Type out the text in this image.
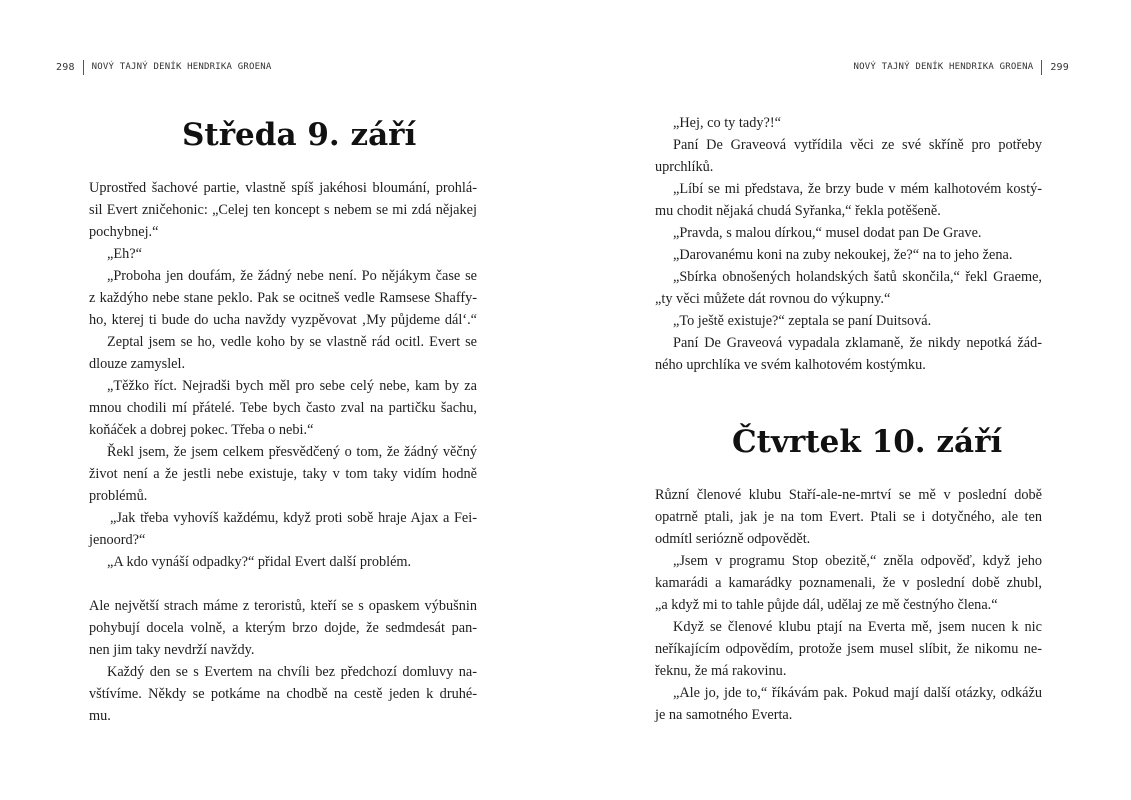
298 NOVÝ TAJNÝ DENÍK HENDRIKA GROENA
Středa 9. září

Uprostřed šachové partie, vlastně spíš jakéhosi bloumání, prohlá-

sil Evert zničehonic: „Celej ten koncept s nebem se mi zdá nějakej

pochybnej.“

„Eh?“

„Proboha jen doufám, že žádný nebe není. Po nějákym čase se

z každýho nebe stane peklo. Pak se ocitneš vedle Ramsese Shaffy-

ho, kterej ti bude do ucha navždy vyzpěvovat ‚My půjdeme dál‘.“

Zeptal jsem se ho, vedle koho by se vlastně rád ocitl. Evert se

dlouze zamyslel.

„Těžko říct. Nejradši bych měl pro sebe celý nebe, kam by za

mnou chodili mí přátelé. Tebe bych často zval na partičku šachu,

koňáček a dobrej pokec. Třeba o nebi.“

Řekl jsem, že jsem celkem přesvědčený o tom, že žádný věčný

život není a že jestli nebe existuje, taky v tom taky vidím hodně

problémů.

„Jak třeba vyhovíš každému, když proti sobě hraje Ajax a Fei-

jenoord?“

„A kdo vynáší odpadky?“ přidal Evert další problém.

Ale největší strach máme z teroristů, kteří se s opaskem výbušnin

pohybují docela volně, a kterým brzo dojde, že sedmdesát pan-

nen jim taky nevdrží navždy.

Každý den se s Evertem na chvíli bez předchozí domluvy na-

vštívíme. Někdy se potkáme na chodbě na cestě jeden k druhé-

mu.

NOVÝ TAJNÝ DENÍK HENDRIKA GROENA 299

„Hej, co ty tady?!“

Paní De Graveová vytřídila věci ze své skříně pro potřeby

uprchlíků.

„Líbí se mi představa, že brzy bude v mém kalhotovém kostý-

mu chodit nějaká chudá Syřanka,“ řekla potěšeně.

„Pravda, s malou dírkou,“ musel dodat pan De Grave.

„Darovanému koni na zuby nekoukej, že?“ na to jeho žena.

„Sbírka obnošených holandských šatů skončila,“ řekl Graeme,

„ty věci můžete dát rovnou do výkupny.“

„To ještě existuje?“ zeptala se paní Duitsová.

Paní De Graveová vypadala zklamaně, že nikdy nepotká žád-

ného uprchlíka ve svém kalhotovém kostýmku.

Čtvrtek 10. září

Různí členové klubu Staří-ale-ne-mrtví se mě v poslední době

opatrně ptali, jak je na tom Evert. Ptali se i dotyčného, ale ten

odmítl seriózně odpovědět.

„Jsem v programu Stop obezitě,“ zněla odpověď, když jeho

kamarádi a kamarádky poznamenali, že v poslední době zhubl,

„a když mi to tahle půjde dál, udělaj ze mě čestnýho člena.“

Když se členové klubu ptají na Everta mě, jsem nucen k nic

neříkajícím odpovědím, protože jsem musel slíbit, že nikomu ne-

řeknu, že má rakovinu.

„Ale jo, jde to,“ říkávám pak. Pokud mají další otázky, odkážu

je na samotného Everta.
